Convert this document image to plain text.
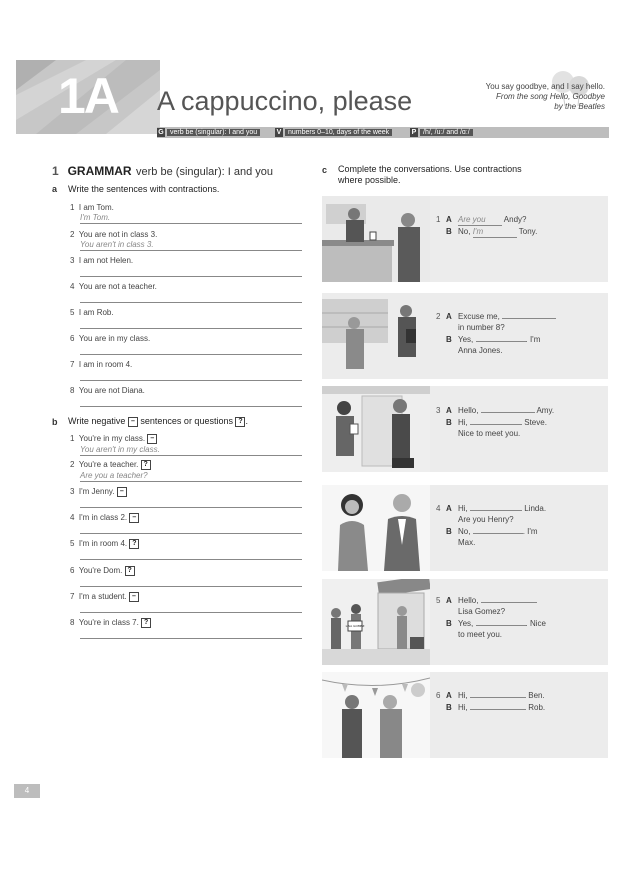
1A A cappuccino, please	You say goodbye, and I say hello.
From the song Hello, Goodbye
by the Beatles
G verb be (singular): I and you	V numbers 0–10, days of the week	P /h/, /uː/ and /ɑː/
1 GRAMMAR verb be (singular): I and you
a Write the sentences with contractions.
1 I am Tom.
I'm Tom.
2 You are not in class 3.
You aren't in class 3.
3 I am not Helen.
4 You are not a teacher.
5 I am Rob.
6 You are in my class.
7 I am in room 4.
8 You are not Diana.
b Write negative – sentences or questions ? .
1 You're in my class. –
You aren't in my class.
2 You're a teacher. ?
Are you a teacher?
3 I'm Jenny. –
4 I'm in class 2. –
5 I'm in room 4. ?
6 You're Dom. ?
7 I'm a student. –
8 You're in class 7. ?
c Complete the conversations. Use contractions
where possible.
1 A Are you Andy?
B No, I'm	Tony.
2 A Excuse me,
in number 8?
B Yes,	. I'm
Anna Jones.
3 A Hello,	Amy.
B Hi,	Steve.
Nice to meet you.
4 A Hi,	Linda.
Are you Henry?
B No,	. I'm
Max.
LISA GOMEZ
5 A Hello,
Lisa Gomez?
B Yes,	. Nice
to meet you.
6 A Hi,	Ben.
B Hi,	Rob.
4
